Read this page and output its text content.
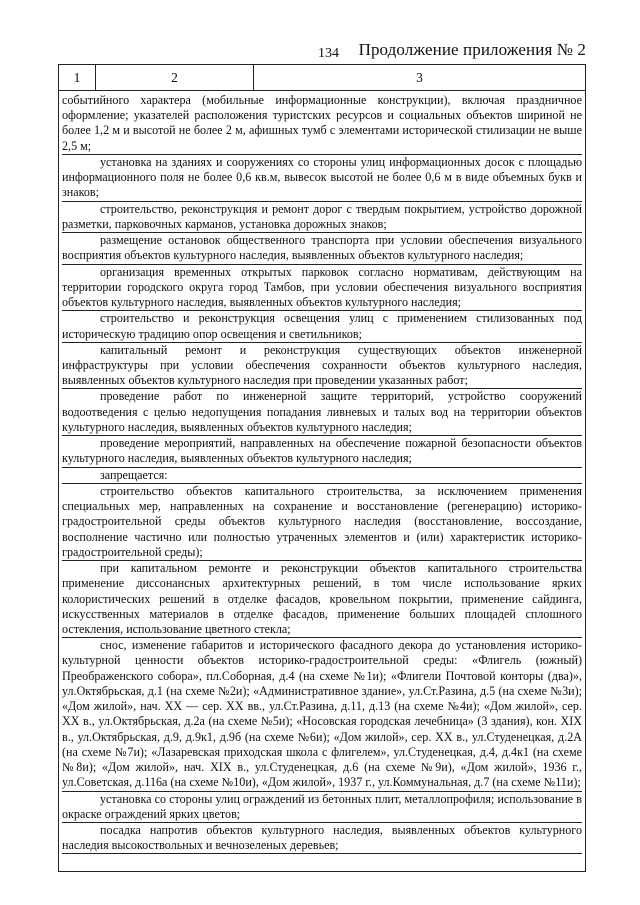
134 Продолжение приложения № 2
1	2	3

событийного характера (мобильные информационные конструкции), включая праздничное оформление; указателей расположения туристских ресурсов и социальных объектов шириной не более 1,2 м и высотой не более 2 м, афишных тумб с элементами исторической стилизации не выше 2,5 м;

установка на зданиях и сооружениях со стороны улиц информационных досок с площадью информационного поля не более 0,6 кв.м, вывесок высотой не более 0,6 м в виде объемных букв и знаков;

строительство, реконструкция и ремонт дорог с твердым покрытием, устройство дорожной разметки, парковочных карманов, установка дорожных знаков;

размещение остановок общественного транспорта при условии обеспечения визуального восприятия объектов культурного наследия, выявленных объектов культурного наследия;

организация временных открытых парковок согласно нормативам, действующим на территории городского округа город Тамбов, при условии обеспечения визуального восприятия объектов культурного наследия, выявленных объектов культурного наследия;

строительство и реконструкция освещения улиц с применением стилизованных под историческую традицию опор освещения и светильников;

капитальный ремонт и реконструкция существующих объектов инженерной инфраструктуры при условии обеспечения сохранности объектов культурного наследия, выявленных объектов культурного наследия при проведении указанных работ;

проведение работ по инженерной защите территорий, устройство сооружений водоотведения с целью недопущения попадания ливневых и талых вод на территории объектов культурного наследия, выявленных объектов культурного наследия;

проведение мероприятий, направленных на обеспечение пожарной безопасности объектов культурного наследия, выявленных объектов культурного наследия;

запрещается:

строительство объектов капитального строительства, за исключением применения специальных мер, направленных на сохранение и восстановление (регенерацию) историко-градостроительной среды объектов культурного наследия (восстановление, воссоздание, восполнение частично или полностью утраченных элементов и (или) характеристик историко-градостроительной среды);

при капитальном ремонте и реконструкции объектов капитального строительства применение диссонансных архитектурных решений, в том числе использование ярких колористических решений в отделке фасадов, кровельном покрытии, применение сайдинга, искусственных материалов в отделке фасадов, применение больших площадей сплошного остекления, использование цветного стекла;

снос, изменение габаритов и исторического фасадного декора до установления историко-культурной ценности объектов историко-градостроительной среды: «Флигель (южный) Преображенского собора», пл.Соборная, д.4 (на схеме №1и); «Флигели Почтовой конторы (два)», ул.Октябрьская, д.1 (на схеме №2и); «Административное здание», ул.Ст.Разина, д.5 (на схеме №3и); «Дом жилой», нач. XX — сер. XX вв., ул.Ст.Разина, д.11, д.13 (на схеме №4и); «Дом жилой», сер. XX в., ул.Октябрьская, д.2а (на схеме №5и); «Носовская городская лечебница» (3 здания), кон. XIX в., ул.Октябрьская, д.9, д.9к1, д.9б (на схеме №6и); «Дом жилой», сер. XX в., ул.Студенецкая, д.2А (на схеме №7и); «Лазаревская приходская школа с флигелем», ул.Студенецкая, д.4, д.4к1 (на схеме №8и); «Дом жилой», нач. XIX в., ул.Студенецкая, д.6 (на схеме №9и), «Дом жилой», 1936 г., ул.Советская, д.116а (на схеме №10и), «Дом жилой», 1937 г., ул.Коммунальная, д.7 (на схеме №11и);

установка со стороны улиц ограждений из бетонных плит, металлопрофиля; использование в окраске ограждений ярких цветов;

посадка напротив объектов культурного наследия, выявленных объектов культурного наследия высокоствольных и вечнозеленых деревьев;
